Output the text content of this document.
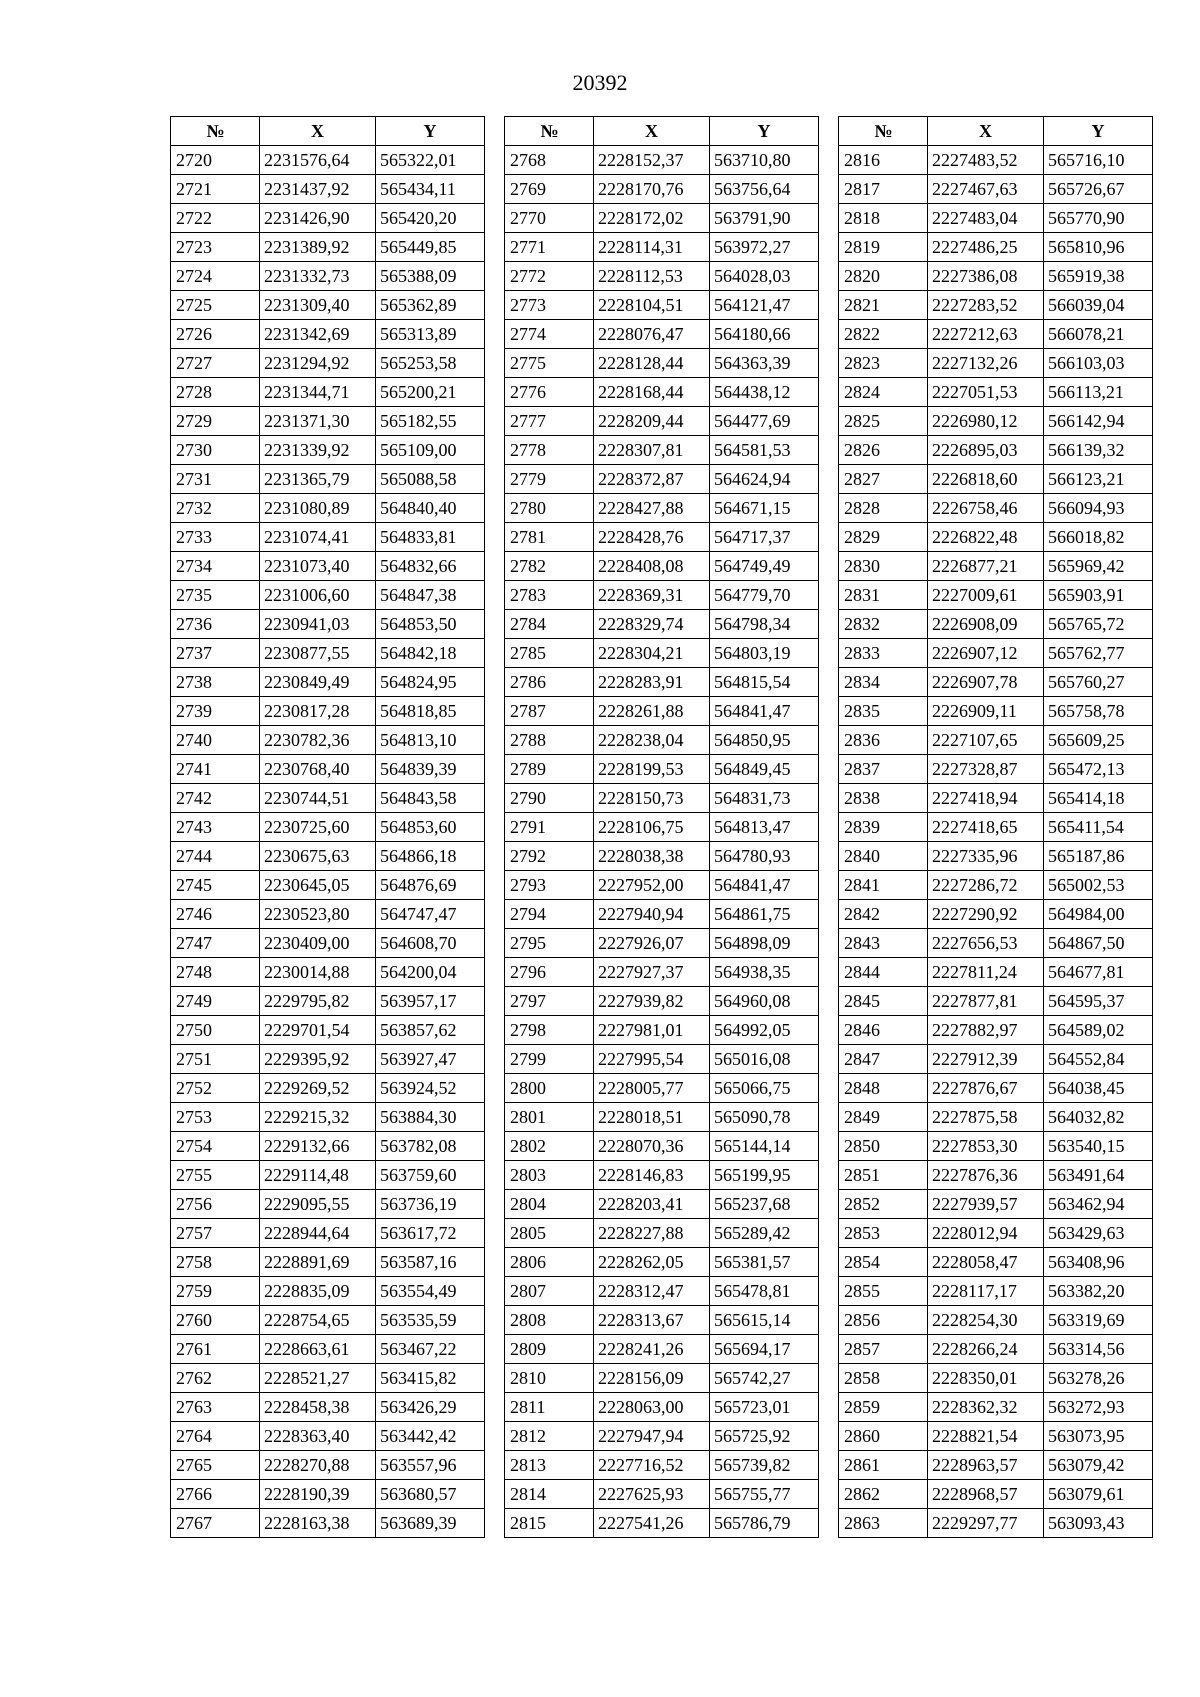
20392
№	X	Y
2720	2231576,64	565322,01
2721	2231437,92	565434,11
2722	2231426,90	565420,20
2723	2231389,92	565449,85
2724	2231332,73	565388,09
2725	2231309,40	565362,89
2726	2231342,69	565313,89
2727	2231294,92	565253,58
2728	2231344,71	565200,21
2729	2231371,30	565182,55
2730	2231339,92	565109,00
2731	2231365,79	565088,58
2732	2231080,89	564840,40
2733	2231074,41	564833,81
2734	2231073,40	564832,66
2735	2231006,60	564847,38
2736	2230941,03	564853,50
2737	2230877,55	564842,18
2738	2230849,49	564824,95
2739	2230817,28	564818,85
2740	2230782,36	564813,10
2741	2230768,40	564839,39
2742	2230744,51	564843,58
2743	2230725,60	564853,60
2744	2230675,63	564866,18
2745	2230645,05	564876,69
2746	2230523,80	564747,47
2747	2230409,00	564608,70
2748	2230014,88	564200,04
2749	2229795,82	563957,17
2750	2229701,54	563857,62
2751	2229395,92	563927,47
2752	2229269,52	563924,52
2753	2229215,32	563884,30
2754	2229132,66	563782,08
2755	2229114,48	563759,60
2756	2229095,55	563736,19
2757	2228944,64	563617,72
2758	2228891,69	563587,16
2759	2228835,09	563554,49
2760	2228754,65	563535,59
2761	2228663,61	563467,22
2762	2228521,27	563415,82
2763	2228458,38	563426,29
2764	2228363,40	563442,42
2765	2228270,88	563557,96
2766	2228190,39	563680,57
2767	2228163,38	563689,39
№	X	Y
2768	2228152,37	563710,80
2769	2228170,76	563756,64
2770	2228172,02	563791,90
2771	2228114,31	563972,27
2772	2228112,53	564028,03
2773	2228104,51	564121,47
2774	2228076,47	564180,66
2775	2228128,44	564363,39
2776	2228168,44	564438,12
2777	2228209,44	564477,69
2778	2228307,81	564581,53
2779	2228372,87	564624,94
2780	2228427,88	564671,15
2781	2228428,76	564717,37
2782	2228408,08	564749,49
2783	2228369,31	564779,70
2784	2228329,74	564798,34
2785	2228304,21	564803,19
2786	2228283,91	564815,54
2787	2228261,88	564841,47
2788	2228238,04	564850,95
2789	2228199,53	564849,45
2790	2228150,73	564831,73
2791	2228106,75	564813,47
2792	2228038,38	564780,93
2793	2227952,00	564841,47
2794	2227940,94	564861,75
2795	2227926,07	564898,09
2796	2227927,37	564938,35
2797	2227939,82	564960,08
2798	2227981,01	564992,05
2799	2227995,54	565016,08
2800	2228005,77	565066,75
2801	2228018,51	565090,78
2802	2228070,36	565144,14
2803	2228146,83	565199,95
2804	2228203,41	565237,68
2805	2228227,88	565289,42
2806	2228262,05	565381,57
2807	2228312,47	565478,81
2808	2228313,67	565615,14
2809	2228241,26	565694,17
2810	2228156,09	565742,27
2811	2228063,00	565723,01
2812	2227947,94	565725,92
2813	2227716,52	565739,82
2814	2227625,93	565755,77
2815	2227541,26	565786,79
№	X	Y
2816	2227483,52	565716,10
2817	2227467,63	565726,67
2818	2227483,04	565770,90
2819	2227486,25	565810,96
2820	2227386,08	565919,38
2821	2227283,52	566039,04
2822	2227212,63	566078,21
2823	2227132,26	566103,03
2824	2227051,53	566113,21
2825	2226980,12	566142,94
2826	2226895,03	566139,32
2827	2226818,60	566123,21
2828	2226758,46	566094,93
2829	2226822,48	566018,82
2830	2226877,21	565969,42
2831	2227009,61	565903,91
2832	2226908,09	565765,72
2833	2226907,12	565762,77
2834	2226907,78	565760,27
2835	2226909,11	565758,78
2836	2227107,65	565609,25
2837	2227328,87	565472,13
2838	2227418,94	565414,18
2839	2227418,65	565411,54
2840	2227335,96	565187,86
2841	2227286,72	565002,53
2842	2227290,92	564984,00
2843	2227656,53	564867,50
2844	2227811,24	564677,81
2845	2227877,81	564595,37
2846	2227882,97	564589,02
2847	2227912,39	564552,84
2848	2227876,67	564038,45
2849	2227875,58	564032,82
2850	2227853,30	563540,15
2851	2227876,36	563491,64
2852	2227939,57	563462,94
2853	2228012,94	563429,63
2854	2228058,47	563408,96
2855	2228117,17	563382,20
2856	2228254,30	563319,69
2857	2228266,24	563314,56
2858	2228350,01	563278,26
2859	2228362,32	563272,93
2860	2228821,54	563073,95
2861	2228963,57	563079,42
2862	2228968,57	563079,61
2863	2229297,77	563093,43
